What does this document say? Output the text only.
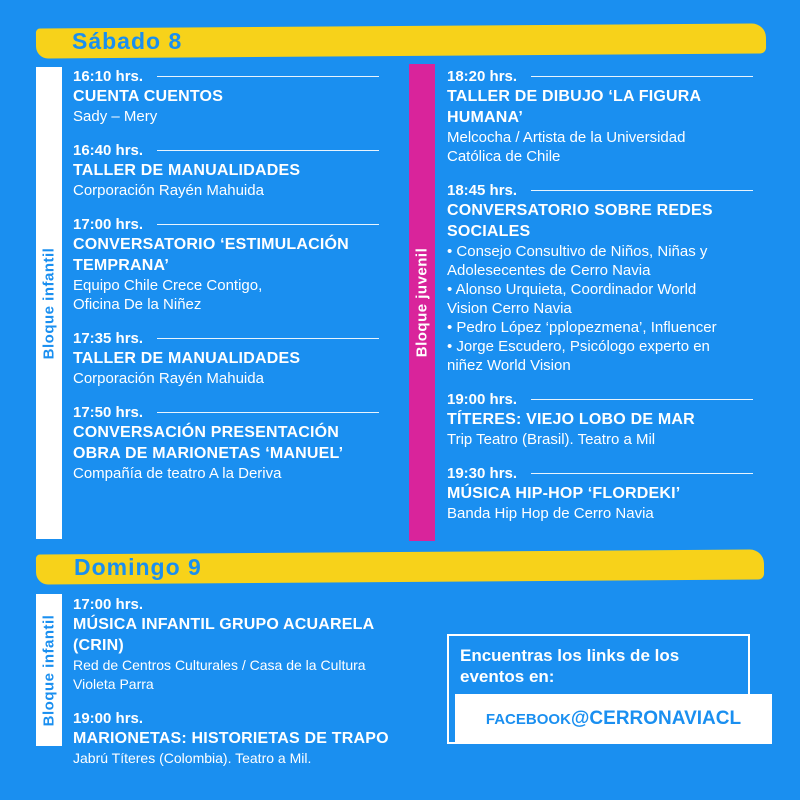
Sábado 8
Bloque infantil
16:10 hrs.
CUENTA CUENTOS
Sady – Mery
16:40 hrs.
TALLER DE MANUALIDADES
Corporación Rayén Mahuida
17:00 hrs.
CONVERSATORIO ‘ESTIMULACIÓN TEMPRANA’
Equipo Chile Crece Contigo,
Oficina De la Niñez
17:35 hrs.
TALLER DE MANUALIDADES
Corporación Rayén Mahuida
17:50 hrs.
CONVERSACIÓN PRESENTACIÓN OBRA DE MARIONETAS ‘MANUEL’
Compañía de teatro A la Deriva
Bloque juvenil
18:20 hrs.
TALLER DE DIBUJO ‘LA FIGURA HUMANA’
Melcocha / Artista de la Universidad
Católica de Chile
18:45 hrs.
CONVERSATORIO SOBRE REDES SOCIALES
• Consejo Consultivo de Niños, Niñas y
Adolesecentes de Cerro Navia
• Alonso Urquieta, Coordinador World
Vision Cerro Navia
• Pedro López ‘pplopezmena’, Influencer
• Jorge Escudero, Psicólogo experto en
niñez World Vision
19:00 hrs.
TÍTERES: VIEJO LOBO DE MAR
Trip Teatro (Brasil). Teatro a Mil
19:30 hrs.
MÚSICA HIP-HOP ‘FLORDEKI’
Banda Hip Hop de Cerro Navia
Domingo 9
Bloque infantil
17:00 hrs.
MÚSICA INFANTIL GRUPO ACUARELA (CRIN)
Red de Centros Culturales / Casa de la Cultura
Violeta Parra
19:00 hrs.
MARIONETAS: HISTORIETAS DE TRAPO
Jabrú Títeres (Colombia). Teatro a Mil.
Encuentras los links de los eventos en:
FACEBOOK @CERRONAVIACL
